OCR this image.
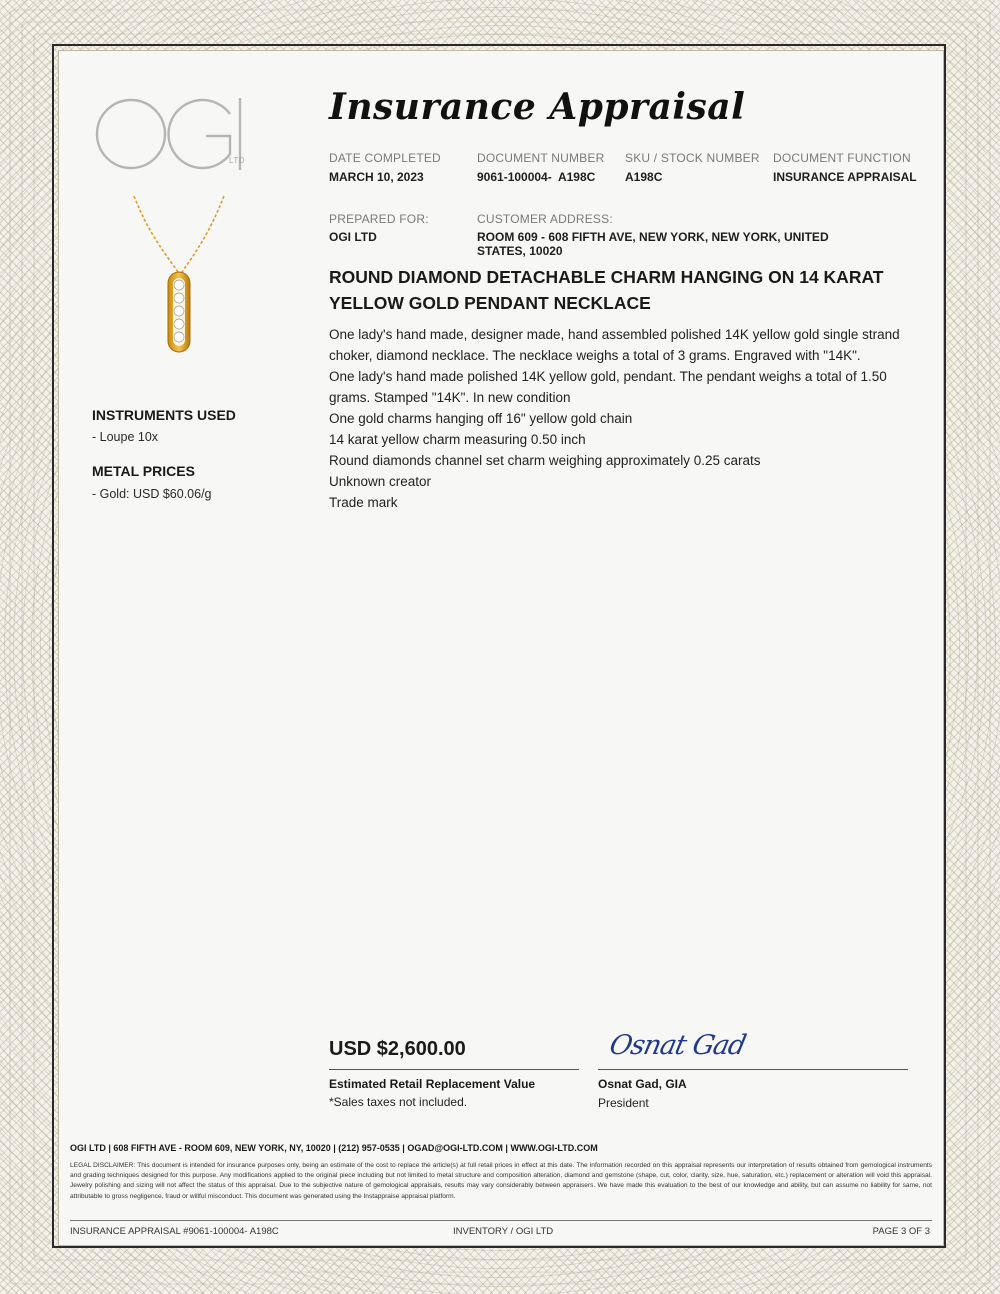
LTD
Insurance Appraisal
DATE COMPLETED
MARCH 10, 2023
DOCUMENT NUMBER
9061-100004-  A198C
SKU / STOCK NUMBER
A198C
DOCUMENT FUNCTION
INSURANCE APPRAISAL
PREPARED FOR:
OGI LTD
CUSTOMER ADDRESS:
ROOM 609 - 608 FIFTH AVE, NEW YORK, NEW YORK, UNITED
STATES, 10020
ROUND DIAMOND DETACHABLE CHARM HANGING ON 14 KARAT
YELLOW GOLD PENDANT NECKLACE

One lady's hand made, designer made, hand assembled polished 14K yellow gold single strand choker, diamond necklace. The necklace weighs a total of 3 grams. Engraved with "14K".

One lady's hand made polished 14K yellow gold, pendant. The pendant weighs a total of 1.50 grams. Stamped "14K". In new condition

One gold charms hanging off 16" yellow gold chain

14 karat yellow charm measuring 0.50 inch

Round diamonds channel set charm weighing approximately 0.25 carats

Unknown creator

Trade mark

INSTRUMENTS USED
- Loupe 10x
METAL PRICES
- Gold: USD $60.06/g
USD $2,600.00
Estimated Retail Replacement Value
*Sales taxes not included.
Osnat Gad
Osnat Gad, GIA
President
OGI LTD | 608 FIFTH AVE - ROOM 609, NEW YORK, NY, 10020 | (212) 957-0535 | OGAD@OGI-LTD.COM | WWW.OGI-LTD.COM
LEGAL DISCLAIMER: This document is intended for insurance purposes only, being an estimate of the cost to replace the article(s) at full retail prices in effect at this date. The information recorded on this appraisal represents our interpretation of results obtained from gemological instruments and grading techniques designed for this purpose. Any modifications applied to the original piece including but not limited to metal structure and composition alteration, diamond and gemstone (shape, cut, color, clarity, size, hue, saturation, etc.) replacement or alteration will void this appraisal. Jewelry polishing and sizing will not affect the status of this appraisal. Due to the subjective nature of gemological appraisals, results may vary considerably between appraisers. We have made this evaluation to the best of our knowledge and ability, but can assume no liability for same, not attributable to gross negligence, fraud or willful misconduct. This document was generated using the Instappraise appraisal platform.
INSURANCE APPRAISAL #9061-100004- A198C	INVENTORY / OGI LTD	PAGE 3 OF 3
